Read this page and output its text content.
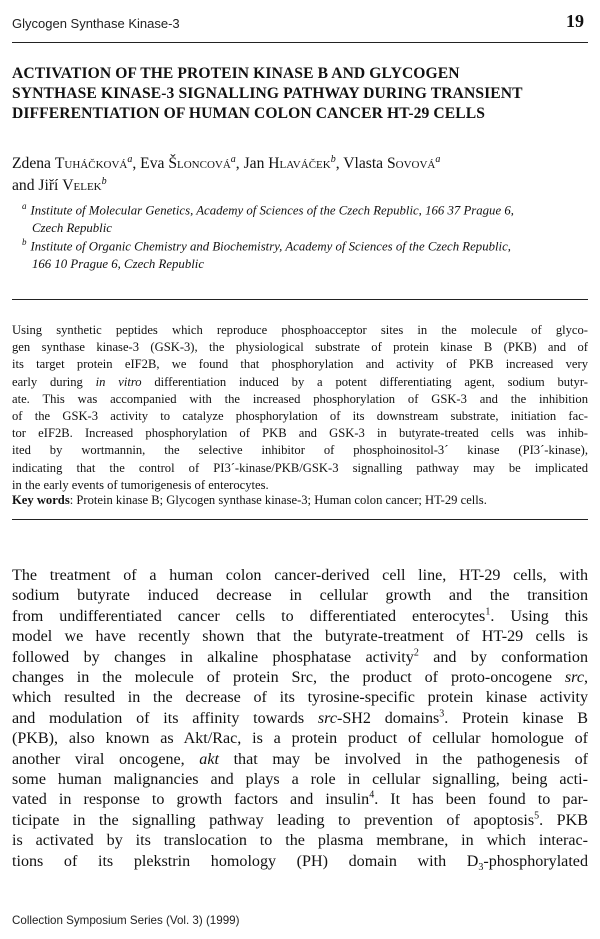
Glycogen Synthase Kinase-3	19
ACTIVATION OF THE PROTEIN KINASE B AND GLYCOGEN
SYNTHASE KINASE-3 SIGNALLING PATHWAY DURING TRANSIENT
DIFFERENTIATION OF HUMAN COLON CANCER HT-29 CELLS
Zdena Tuháčková$^a$, Eva Šloncová$^a$, Jan Hlaváček$^b$, Vlasta Sovová$^a$
and Jiří Velek$^b$
$^a$ Institute of Molecular Genetics, Academy of Sciences of the Czech Republic, 166 37 Prague 6,
Czech Republic
$^b$ Institute of Organic Chemistry and Biochemistry, Academy of Sciences of the Czech Republic,
166 10 Prague 6, Czech Republic
Using synthetic peptides which reproduce phosphoacceptor sites in the molecule of glyco-
gen synthase kinase-3 (GSK-3), the physiological substrate of protein kinase B (PKB) and of
its target protein eIF2B, we found that phosphorylation and activity of PKB increased very
early during in vitro differentiation induced by a potent differentiating agent, sodium butyr-
ate. This was accompanied with the increased phosphorylation of GSK-3 and the inhibition
of the GSK-3 activity to catalyze phosphorylation of its downstream substrate, initiation fac-
tor eIF2B. Increased phosphorylation of PKB and GSK-3 in butyrate-treated cells was inhib-
ited by wortmannin, the selective inhibitor of phosphoinositol-3´ kinase (PI3´-kinase),
indicating that the control of PI3´-kinase/PKB/GSK-3 signalling pathway may be implicated
in the early events of tumorigenesis of enterocytes.
Key words: Protein kinase B; Glycogen synthase kinase-3; Human colon cancer; HT-29 cells.
The treatment of a human colon cancer-derived cell line, HT-29 cells, with
sodium butyrate induced decrease in cellular growth and the transition
from undifferentiated cancer cells to differentiated enterocytes$^1$. Using this
model we have recently shown that the butyrate-treatment of HT-29 cells is
followed by changes in alkaline phosphatase activity$^2$ and by conformation
changes in the molecule of protein Src, the product of proto-oncogene src,
which resulted in the decrease of its tyrosine-specific protein kinase activity
and modulation of its affinity towards src-SH2 domains$^3$. Protein kinase B
(PKB), also known as Akt/Rac, is a protein product of cellular homologue of
another viral oncogene, akt that may be involved in the pathogenesis of
some human malignancies and plays a role in cellular signalling, being acti-
vated in response to growth factors and insulin$^4$. It has been found to par-
ticipate in the signalling pathway leading to prevention of apoptosis$^5$. PKB
is activated by its translocation to the plasma membrane, in which interac-
tions of its plekstrin homology (PH) domain with $D_3$-phosphorylated
Collection Symposium Series (Vol. 3) (1999)
